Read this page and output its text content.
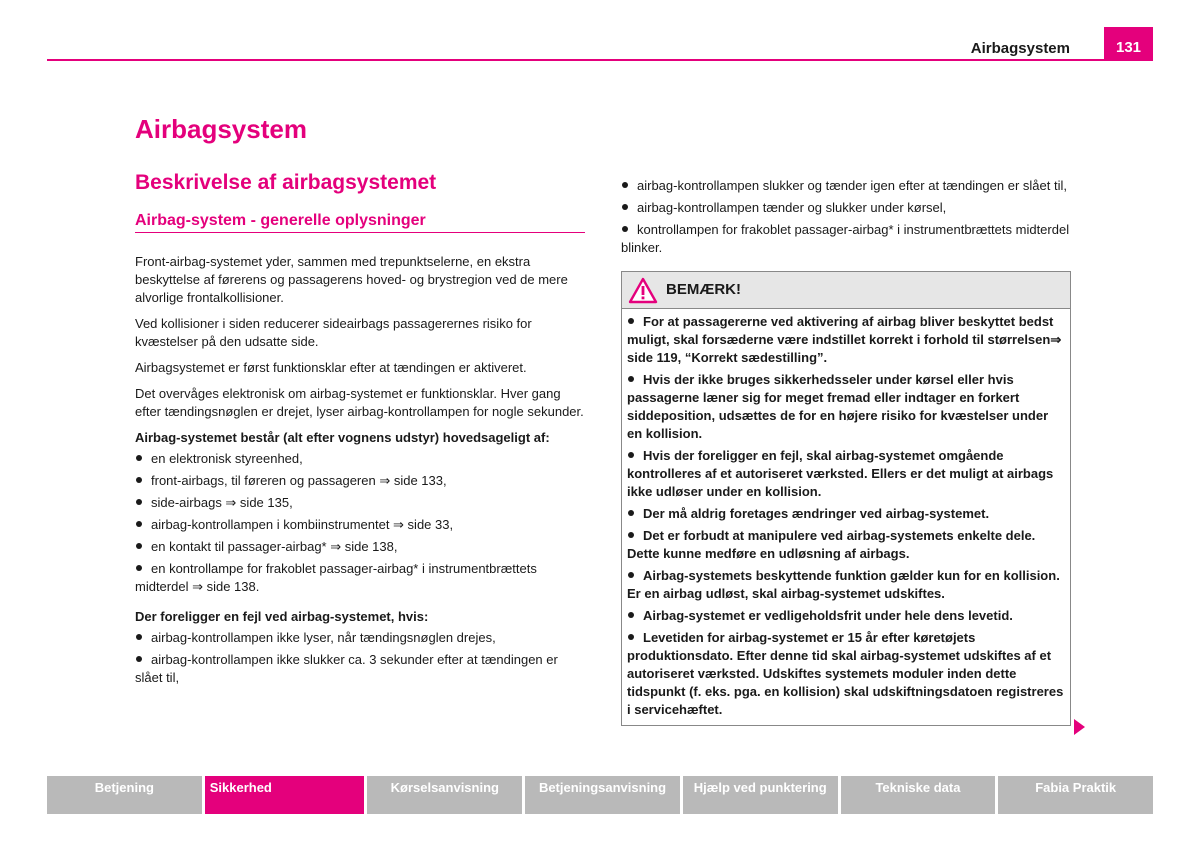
Airbagsystem	131
Airbagsystem
Beskrivelse af airbagsystemet
Airbag-system - generelle oplysninger

Front-airbag-systemet yder, sammen med trepunktselerne, en ekstra beskyttelse af førerens og passagerens hoved- og brystregion ved de mere alvorlige frontalkollisioner.

Ved kollisioner i siden reducerer sideairbags passagerernes risiko for kvæstelser på den udsatte side.

Airbagsystemet er først funktionsklar efter at tændingen er aktiveret.

Det overvåges elektronisk om airbag-systemet er funktionsklar. Hver gang efter tændingsnøglen er drejet, lyser airbag-kontrollampen for nogle sekunder.

Airbag-systemet består (alt efter vognens udstyr) hovedsageligt af:

en elektronisk styreenhed,
front-airbags, til føreren og passageren ⇒ side 133,
side-airbags ⇒ side 135,
airbag-kontrollampen i kombiinstrumentet ⇒ side 33,
en kontakt til passager-airbag* ⇒ side 138,
en kontrollampe for frakoblet passager-airbag* i instrumentbrættets midterdel ⇒ side 138.

Der foreligger en fejl ved airbag-systemet, hvis:

airbag-kontrollampen ikke lyser, når tændingsnøglen drejes,
airbag-kontrollampen ikke slukker ca. 3 sekunder efter at tændingen er slået til,
airbag-kontrollampen slukker og tænder igen efter at tændingen er slået til,
airbag-kontrollampen tænder og slukker under kørsel,
kontrollampen for frakoblet passager-airbag* i instrumentbrættets midterdel blinker.
BEMÆRK!
For at passagererne ved aktivering af airbag bliver beskyttet bedst muligt, skal forsæderne være indstillet korrekt i forhold til størrelsen⇒ side 119, “Korrekt sædestilling”.
Hvis der ikke bruges sikkerhedsseler under kørsel eller hvis passagerne læner sig for meget fremad eller indtager en forkert siddeposition, udsættes de for en højere risiko for kvæstelser under en kollision.
Hvis der foreligger en fejl, skal airbag-systemet omgående kontrolleres af et autoriseret værksted. Ellers er det muligt at airbags ikke udløser under en kollision.
Der må aldrig foretages ændringer ved airbag-systemet.
Det er forbudt at manipulere ved airbag-systemets enkelte dele. Dette kunne medføre en udløsning af airbags.
Airbag-systemets beskyttende funktion gælder kun for en kollision. Er en airbag udløst, skal airbag-systemet udskiftes.
Airbag-systemet er vedligeholdsfrit under hele dens levetid.
Levetiden for airbag-systemet er 15 år efter køretøjets produktionsdato. Efter denne tid skal airbag-systemet udskiftes af et autoriseret værksted. Udskiftes systemets moduler inden dette tidspunkt (f. eks. pga. en kollision) skal udskiftningsdatoen registreres i servicehæftet.
Betjening	Sikkerhed	Kørselsanvisning	Betjeningsanvisning	Hjælp ved punktering	Tekniske data	Fabia Praktik
